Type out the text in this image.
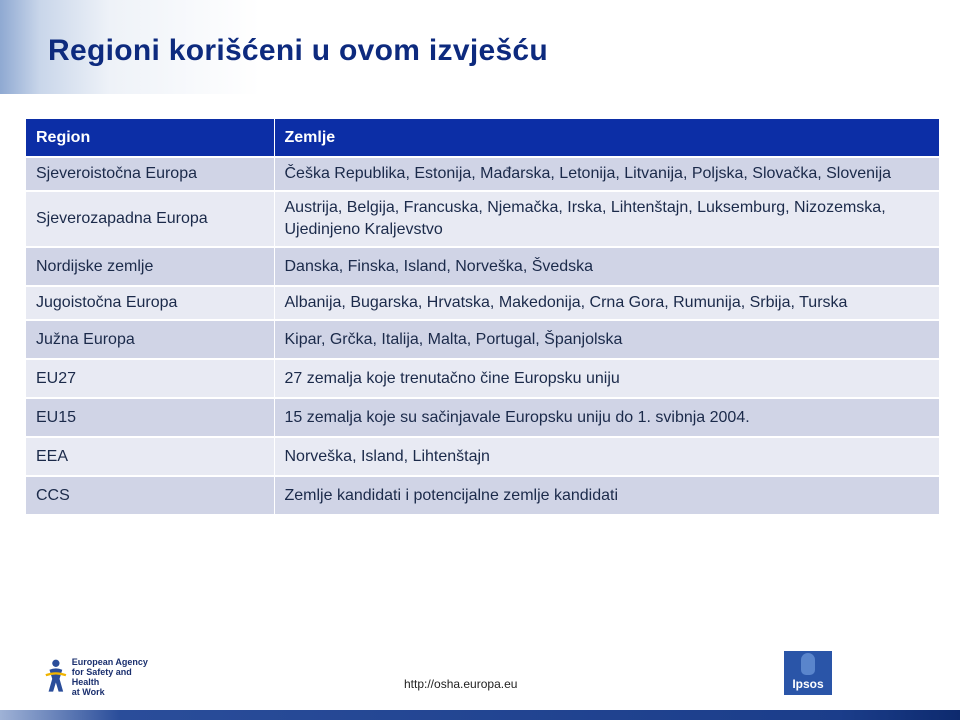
Regioni korišćeni u ovom izvješću
Region	Zemlje
Sjeveroistočna Europa	Češka Republika, Estonija, Mađarska, Letonija, Litvanija, Poljska, Slovačka, Slovenija
Sjeverozapadna Europa	Austrija, Belgija, Francuska, Njemačka, Irska, Lihtenštajn, Luksemburg, Nizozemska, Ujedinjeno Kraljevstvo
Nordijske zemlje	Danska, Finska, Island, Norveška, Švedska
Jugoistočna Europa	Albanija, Bugarska, Hrvatska, Makedonija, Crna Gora, Rumunija, Srbija, Turska
Južna Europa	Kipar, Grčka, Italija, Malta, Portugal, Španjolska
EU27	27 zemalja koje trenutačno čine Europsku uniju
EU15	15 zemalja koje su sačinjavale Europsku uniju do 1. svibnja 2004.
EEA	Norveška, Island, Lihtenštajn
CCS	Zemlje kandidati i potencijalne zemlje kandidati
European Agency
for Safety and Health
at Work
http://osha.europa.eu	Ipsos
